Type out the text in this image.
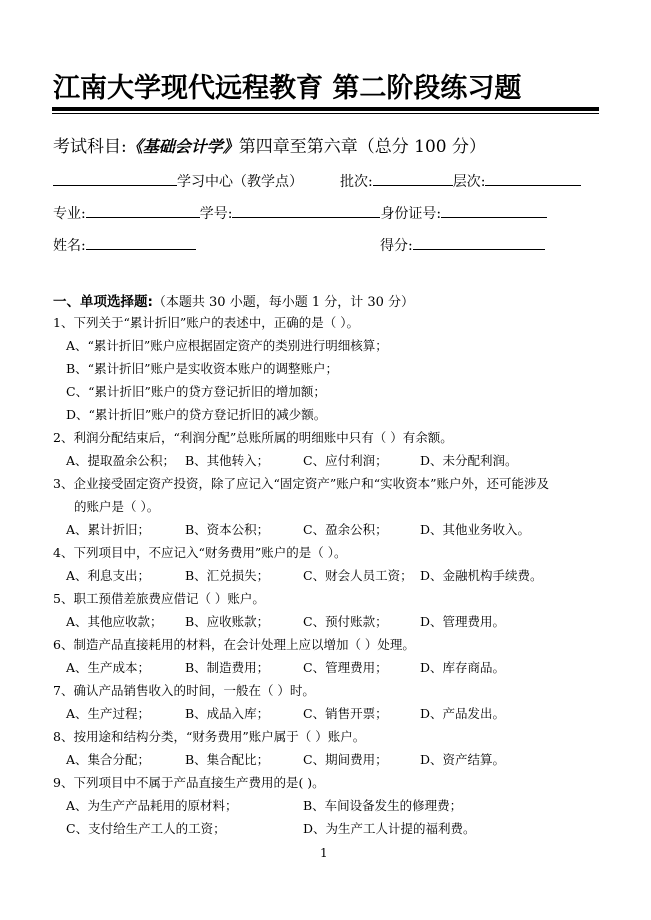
江南大学现代远程教育 第二阶段练习题
考试科目:《基础会计学》第四章至第六章（总分 100 分）
学习中心（教学点）	批次:	层次:
专业:	学号:	身份证号:
姓名:	得分:
一、单项选择题:（本题共 30 小题，每小题 1 分，计 30 分）
1、下列关于“累计折旧”账户的表述中，正确的是（ ）。
A、“累计折旧”账户应根据固定资产的类别进行明细核算；
B、“累计折旧”账户是实收资本账户的调整账户；
C、“累计折旧”账户的贷方登记折旧的增加额；
D、“累计折旧”账户的贷方登记折旧的减少额。
2、利润分配结束后，“利润分配”总账所属的明细账中只有（ ）有余额。
A、提取盈余公积； B、其他转入；	C、应付利润；	D、未分配利润。
3、企业接受固定资产投资，除了应记入“固定资产”账户和“实收资本”账户外，还可能涉及
的账户是（ ）。
A、累计折旧；	B、资本公积；	C、盈余公积；	D、其他业务收入。
4、下列项目中，不应记入“财务费用”账户的是（ ）。
A、利息支出；	B、汇兑损失；	C、财会人员工资； D、金融机构手续费。
5、职工预借差旅费应借记（ ）账户。
A、其他应收款； B、应收账款；	C、预付账款；	D、管理费用。
6、制造产品直接耗用的材料，在会计处理上应以增加（ ）处理。
A、生产成本；	B、制造费用；	C、管理费用；	D、库存商品。
7、确认产品销售收入的时间，一般在（ ）时。
A、生产过程；	B、成品入库；	C、销售开票；	D、产品发出。
8、按用途和结构分类，“财务费用”账户属于（ ）账户。
A、集合分配；	B、集合配比；	C、期间费用；	D、资产结算。
9、下列项目中不属于产品直接生产费用的是( )。
A、为生产产品耗用的原材料；	B、车间设备发生的修理费；
C、支付给生产工人的工资；	D、为生产工人计提的福利费。
1
